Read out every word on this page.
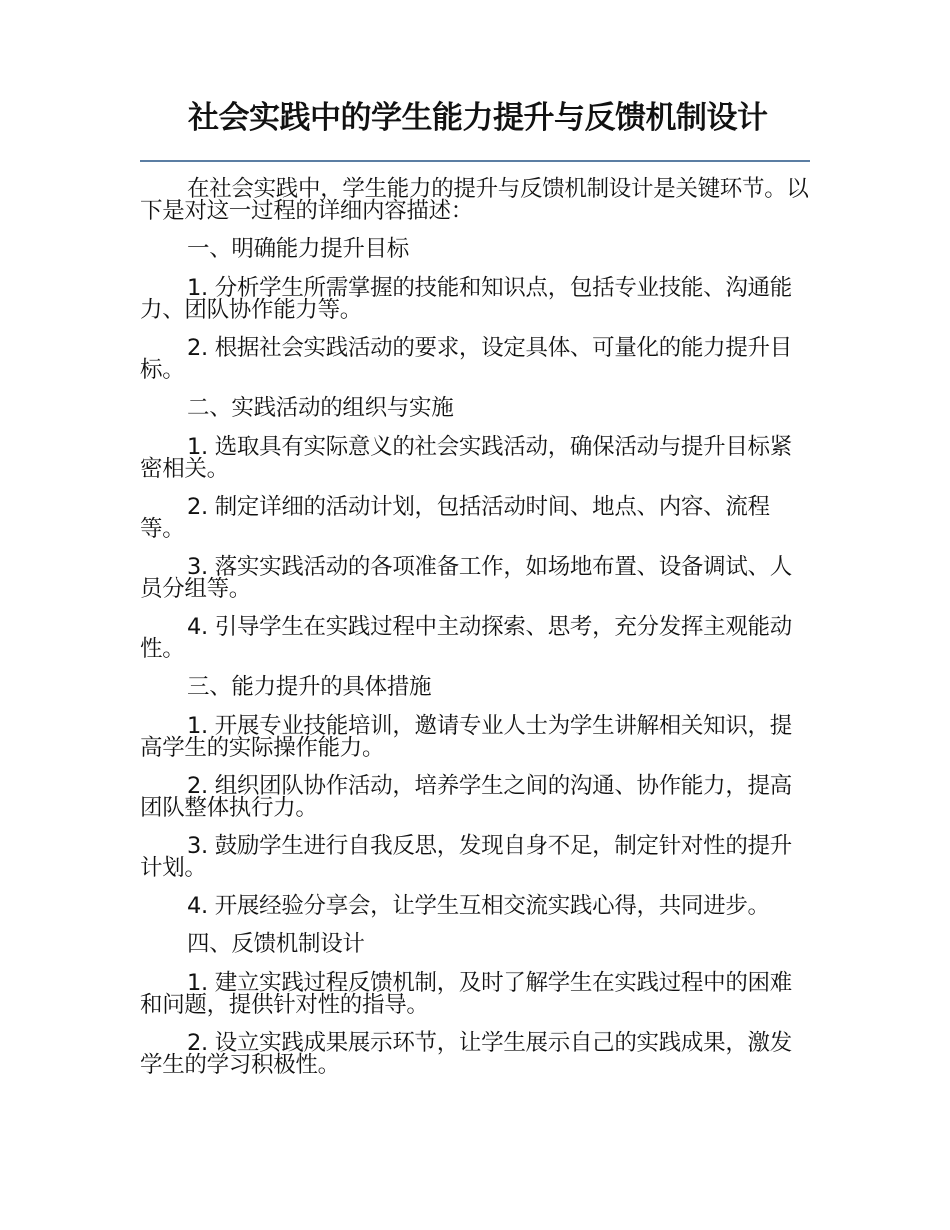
社会实践中的学生能力提升与反馈机制设计

在社会实践中，学生能力的提升与反馈机制设计是关键环节。以下是对这一过程的详细内容描述：

一、明确能力提升目标

1. 分析学生所需掌握的技能和知识点，包括专业技能、沟通能力、团队协作能力等。

2. 根据社会实践活动的要求，设定具体、可量化的能力提升目标。

二、实践活动的组织与实施

1. 选取具有实际意义的社会实践活动，确保活动与提升目标紧密相关。

2. 制定详细的活动计划，包括活动时间、地点、内容、流程等。

3. 落实实践活动的各项准备工作，如场地布置、设备调试、人员分组等。

4. 引导学生在实践过程中主动探索、思考，充分发挥主观能动性。

三、能力提升的具体措施

1. 开展专业技能培训，邀请专业人士为学生讲解相关知识，提高学生的实际操作能力。

2. 组织团队协作活动，培养学生之间的沟通、协作能力，提高团队整体执行力。

3. 鼓励学生进行自我反思，发现自身不足，制定针对性的提升计划。

4. 开展经验分享会，让学生互相交流实践心得，共同进步。

四、反馈机制设计

1. 建立实践过程反馈机制，及时了解学生在实践过程中的困难和问题，提供针对性的指导。

2. 设立实践成果展示环节，让学生展示自己的实践成果，激发学生的学习积极性。
